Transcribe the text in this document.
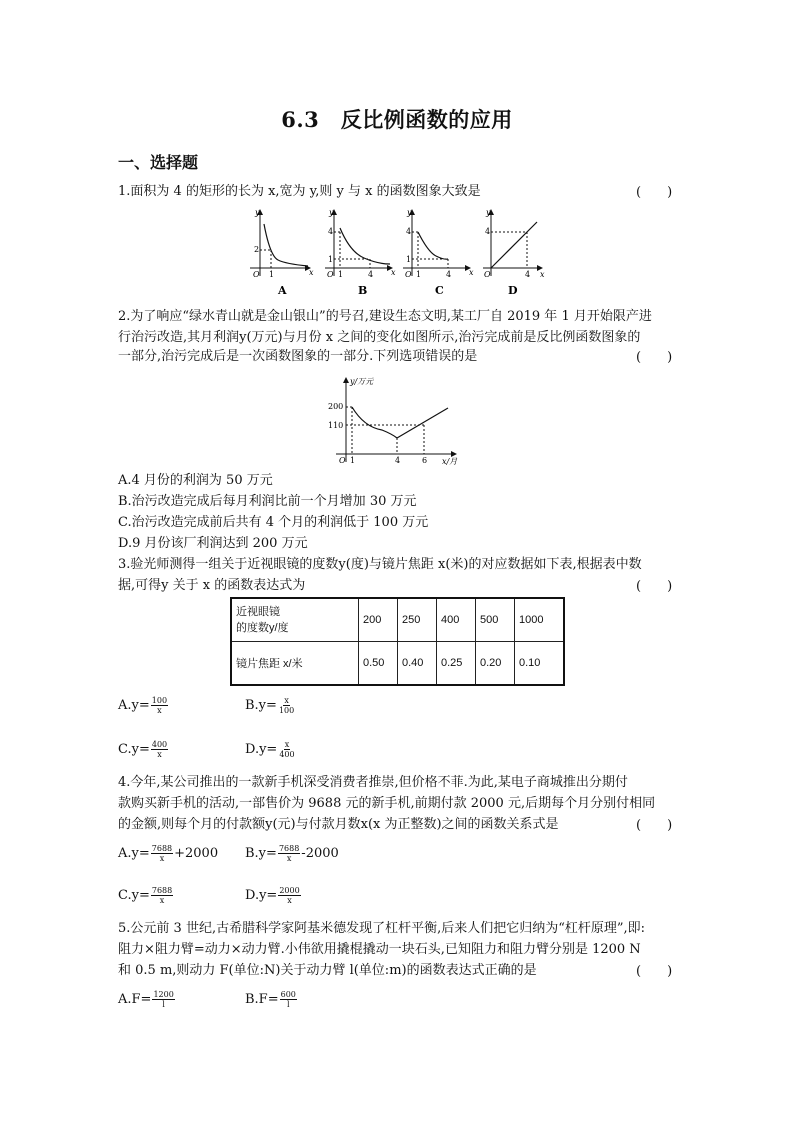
6.3　反比例函数的应用
一、选择题
1.面积为 4 的矩形的长为 x,宽为 y,则 y 与 x 的函数图象大致是	(　　)
2
1
O
y
x
A
4
1
1	4
O
y
x
B
4
1
1	4
O
y
x
C
4
4
O
y
x
D
2.为了响应“绿水青山就是金山银山”的号召,建设生态文明,某工厂自 2019 年 1 月开始限产进
行治污改造,其月利润y(万元)与月份 x 之间的变化如图所示,治污完成前是反比例函数图象的
一部分,治污完成后是一次函数图象的一部分.下列选项错误的是	(　　)
y/万元
x/月
200
110
O 1	4	6
A.4 月份的利润为 50 万元
B.治污改造完成后每月利润比前一个月增加 30 万元
C.治污改造完成前后共有 4 个月的利润低于 100 万元
D.9 月份该厂利润达到 200 万元
3.验光师测得一组关于近视眼镜的度数y(度)与镜片焦距 x(米)的对应数据如下表,根据表中数
据,可得y 关于 x 的函数表达式为	(　　)
近视眼镜
的度数y/度	200	250	400	500	1000
镜片焦距 x/米	0.50	0.40	0.25	0.20	0.10
$A.y= \frac{100}{x}$	$B.y= \frac{x}{100}$
$C.y= \frac{400}{x}$	$D.y= \frac{x}{400}$
4.今年,某公司推出的一款新手机深受消费者推崇,但价格不菲.为此,某电子商城推出分期付
款购买新手机的活动,一部售价为 9688 元的新手机,前期付款 2000 元,后期每个月分别付相同
的金额,则每个月的付款额y(元)与付款月数x(x 为正整数)之间的函数关系式是	(　　)
$A.y= \frac{7688}{x} +2000$ $B.y= \frac{7688}{x} -2000$
$C.y= \frac{7688}{x}$	$D.y= \frac{2000}{x}$
5.公元前 3 世纪,古希腊科学家阿基米德发现了杠杆平衡,后来人们把它归纳为“杠杆原理”,即:
阻力×阻力臂=动力×动力臂.小伟欲用撬棍撬动一块石头,已知阻力和阻力臂分别是 1200 N
和 0.5 m,则动力 F(单位:N)关于动力臂 l(单位:m)的函数表达式正确的是	(　　)
$A.F= \frac{1200}{l}$	$B.F= \frac{600}{l}$
